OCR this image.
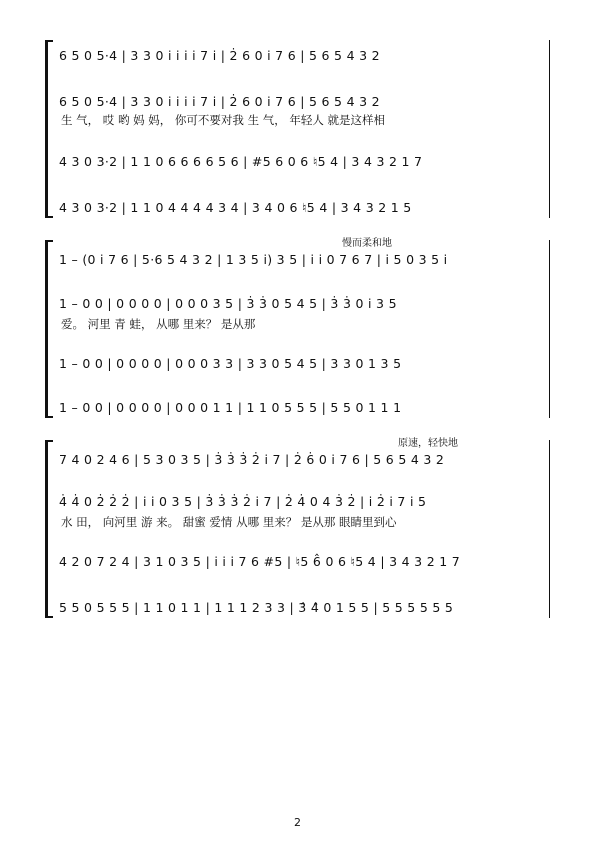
6 5 0 5·4 | 3 3 0 i i i i 7 i | 2̇ 6 0 i 7 6 | 5 6 5 4 3 2
6 5 0 5·4 | 3 3 0 i i i i 7 i | 2̇ 6 0 i 7 6 | 5 6 5 4 3 2
生 气， 哎 哟 妈 妈， 你可不要对我 生 气， 年轻人 就是这样相
4 3 0 3·2 | 1 1 0 6 6 6 6 5 6 | #5 6 0 6 ♮5 4 | 3 4 3 2 1 7
4 3 0 3·2 | 1 1 0 4 4 4 4 3 4 | 3 4 0 6 ♮5 4 | 3 4 3 2 1 5
慢而柔和地
1 – (0 i 7 6 | 5·6 5 4 3 2 | 1 3 5 i) 3 5 | i i 0 7 6 7 | i 5 0 3 5 i
1 – 0 0 | 0 0 0 0 | 0 0 0 3 5 | 3̇ 3̇ 0 5 4 5 | 3̇ 3̇ 0 i 3 5
爱。 河里 青 蛙， 从哪 里来？ 是从那
1 – 0 0 | 0 0 0 0 | 0 0 0 3 3 | 3 3 0 5 4 5 | 3 3 0 1 3 5
1 – 0 0 | 0 0 0 0 | 0 0 0 1 1 | 1 1 0 5 5 5 | 5 5 0 1 1 1
原速，轻快地
7 4 0 2 4 6 | 5 3 0 3 5 | 3̇ 3̇ 3̇ 2̇ i 7 | 2̇ 6̇ 0 i 7 6 | 5 6 5 4 3 2
4̇ 4̇ 0 2̇ 2̇ 2̇ | i i 0 3 5 | 3̇ 3̇ 3̇ 2̇ i 7 | 2̇ 4̇ 0 4 3̇ 2̇ | i 2̇ i 7 i 5
水 田， 向河里 游 来。 甜蜜 爱情 从哪 里来？ 是从那 眼睛里到心
4 2 0 7 2 4 | 3 1 0 3 5 | i i i 7 6 #5 | ♮5 6̂ 0 6 ♮5 4 | 3 4 3 2 1 7
5 5 0 5 5 5 | 1 1 0 1 1 | 1 1 1 2 3 3 | 3̂ 4̂ 0 1 5 5 | 5 5 5 5 5 5
2
